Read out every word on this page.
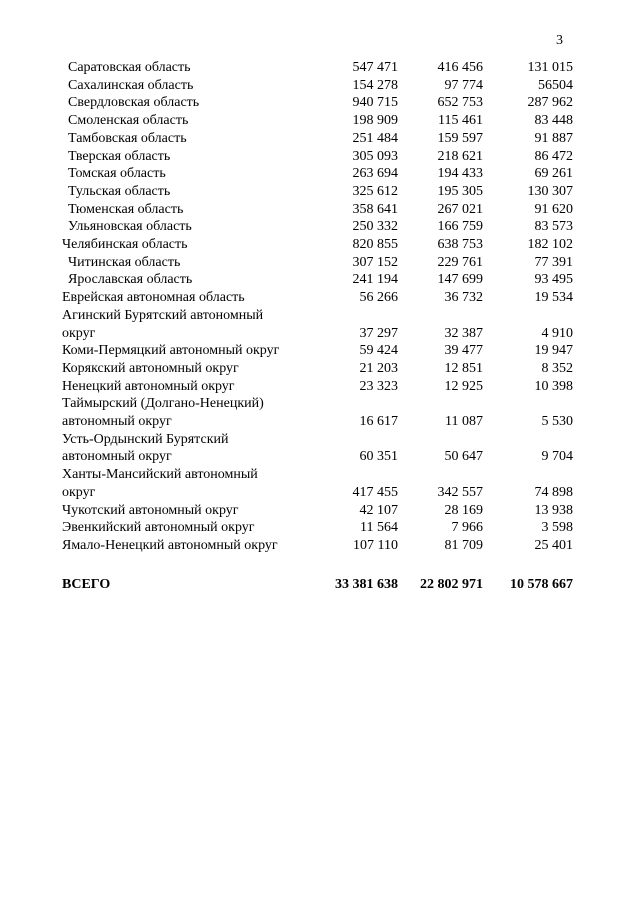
3
Саратовская область	547 471	416 456	131 015
Сахалинская область	154 278	97 774	56504
Свердловская область	940 715	652 753	287 962
Смоленская область	198 909	115 461	83 448
Тамбовская область	251 484	159 597	91 887
Тверская область	305 093	218 621	86 472
Томская область	263 694	194 433	69 261
Тульская область	325 612	195 305	130 307
Тюменская область	358 641	267 021	91 620
Ульяновская область	250 332	166 759	83 573
Челябинская область	820 855	638 753	182 102
Читинская область	307 152	229 761	77 391
Ярославская область	241 194	147 699	93 495
Еврейская автономная область	56 266	36 732	19 534
Агинский Бурятский автономный			
округ	37 297	32 387	4 910
Коми-Пермяцкий автономный округ	59 424	39 477	19 947
Корякский автономный округ	21 203	12 851	8 352
Ненецкий автономный округ	23 323	12 925	10 398
Таймырский (Долгано-Ненецкий)			
автономный округ	16 617	11 087	5 530
Усть-Ордынский Бурятский			
автономный округ	60 351	50 647	9 704
Ханты-Мансийский автономный			
округ	417 455	342 557	74 898
Чукотский автономный округ	42 107	28 169	13 938
Эвенкийский автономный округ	11 564	7 966	3 598
Ямало-Ненецкий автономный округ	107 110	81 709	25 401
ВСЕГО	33 381 638	22 802 971	10 578 667
